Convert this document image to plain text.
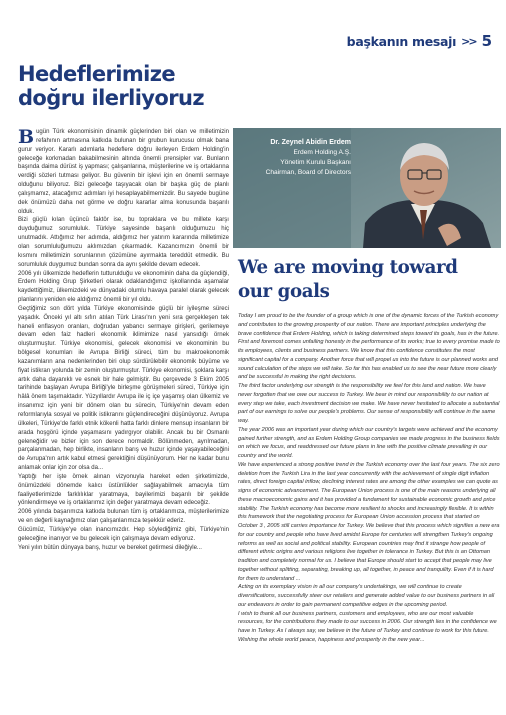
başkanın mesajı >> 5
Hedeflerimize doğru ilerliyoruz

Bugün Türk ekonomisinin dinamik güçlerinden biri olan ve milletimizin refahının artmasına katkıda bulunan bir grubun kurucusu olmak bana gurur veriyor. Kararlı adımlarla hedeflere doğru ilerleyen Erdem Holding'in geleceğe korkmadan bakabilmesinin altında önemli prensipler var. Bunların başında daima dürüst iş yapması; çalışanlarına, müşterilerine ve iş ortaklarına verdiği sözleri tutması geliyor. Bu güvenin bir işlevi için en önemli sermaye olduğunu biliyoruz. Bizi geleceğe taşıyacak olan bir başka güç de planlı çalışmamız, atacağımız adımları iyi hesaplayabilmemizdir. Bu sayede bugüne dek önümüzü daha net görme ve doğru kararlar alma konusunda başarılı olduk.

Bizi güçlü kılan üçüncü faktör ise, bu topraklara ve bu millete karşı duyduğumuz sorumluluk. Türkiye sayesinde başarılı olduğumuzu hiç unutmadık. Attığımız her adımda, aldığımız her yatırım kararında milletimize olan sorumluluğumuzu aklımızdan çıkarmadık. Kazancımızın önemli bir kısmını milletimizin sorunlarının çözümüne ayırmakta tereddüt etmedik. Bu sorumluluk duygumuz bundan sonra da aynı şekilde devam edecek.

2006 yılı ülkemizde hedeflerin tutturulduğu ve ekonominin daha da güçlendiği, Erdem Holding Grup Şirketleri olarak odaklandığımız işkollarında aşamalar kaydettiğimiz, ülkemizdeki ve dünyadaki olumlu havaya paralel olarak gelecek planlarını yeniden ele aldığımız önemli bir yıl oldu.

Geçtiğimiz son dört yılda Türkiye ekonomisinde güçlü bir iyileşme süreci yaşadık. Önceki yıl altı sıfırı atılan Türk Lirası'nın yeni sıra gerçekleşen tek haneli enflasyon oranları, doğrudan yabancı sermaye girişleri, gerilemeye devam eden faiz hadleri ekonomik iklimimize nasıl yansıdığı örnek oluşturmuştur. Türkiye ekonomisi, gelecek ekonomisi ve ekonominin bu bölgesel konumları ile Avrupa Birliği süreci, tüm bu makroekonomik kazanımların ana nedenlerinden biri olup sürdürülebilir ekonomik büyüme ve fiyat istikrarı yolunda bir zemin oluşturmuştur. Türkiye ekonomisi, şoklara karşı artık daha dayanıklı ve esnek bir hale gelmiştir. Bu çerçevede 3 Ekim 2005 tarihinde başlayan Avrupa Birliği'yle birleşme görüşmeleri süreci, Türkiye için hâlâ önem taşımaktadır. Yüzyıllardır Avrupa ile iç içe yaşamış olan ülkemiz ve insanımız için yeni bir dönem olan bu sürecin, Türkiye'nin devam eden reformlarıyla sosyal ve politik istikrarını güçlendireceğini düşünüyoruz. Avrupa ülkeleri, Türkiye'de farklı etnik kökenli hatta farklı dinlere mensup insanların bir arada hoşgörü içinde yaşamasını yadırgıyor olabilir. Ancak bu bir Osmanlı geleneğidir ve bizler için son derece normaldir. Bölünmeden, ayrılmadan, parçalanmadan, hep birlikte, insanların barış ve huzur içinde yaşayabileceğini de Avrupa'nın artık kabul etmesi gerektiğini düşünüyorum. Her ne kadar bunu anlamak onlar için zor olsa da...

Yaptığı her işte örnek alınan vizyonuyla hareket eden şirketimizde, önümüzdeki dönemde kalıcı üstünlükler sağlayabilmek amacıyla tüm faaliyetlerimizde farklılıklar yaratmaya, bayilerimizi başarılı bir şekilde yönlendirmeye ve iş ortaklarımız için değer yaratmaya devam edeceğiz.

2006 yılında başarımıza katkıda bulunan tüm iş ortaklarımıza, müşterilerimize ve en değerli kaynağımız olan çalışanlarımıza teşekkür ederiz.

Gücümüz, Türkiye'ye olan inancımızdır. Hep söylediğimiz gibi, Türkiye'nin geleceğine inanıyor ve bu gelecek için çalışmaya devam ediyoruz.

Yeni yılın bütün dünyaya barış, huzur ve bereket getirmesi dileğiyle...

Dr. Zeynel Abidin Erdem
Erdem Holding A.Ş.
Yönetim Kurulu Başkanı
Chairman, Board of Directors
We are moving toward our goals

Today I am proud to be the founder of a group which is one of the dynamic forces of the Turkish economy and contributes to the growing prosperity of our nation. There are important principles underlying the brave confidence that Erdem Holding, which is taking determined steps toward its goals, has in the future. First and foremost comes unfailing honesty in the performance of its works; true to every promise made to its employees, clients and business partners. We know that this confidence constitutes the most significant capital for a company. Another force that will propel us into the future is our planned works and sound calculation of the steps we will take. So far this has enabled us to see the near future more clearly and be successful in making the right decisions.

The third factor underlying our strength is the responsibility we feel for this land and nation. We have never forgotten that we owe our success to Turkey. We bear in mind our responsibility to our nation at every step we take, each investment decision we make. We have never hesitated to allocate a substantial part of our earnings to solve our people's problems. Our sense of responsibility will continue in the same way.

The year 2006 was an important year during which our country's targets were achieved and the economy gained further strength, and as Erdem Holding Group companies we made progress in the business fields on which we focus, and readdressed our future plans in line with the positive climate prevailing in our country and the world.

We have experienced a strong positive trend in the Turkish economy over the last four years. The six zero deletion from the Turkish Lira in the last year concurrently with the achievement of single digit inflation rates, direct foreign capital inflow, declining interest rates are among the other examples we can quote as signs of economic advancement. The European Union process is one of the main reasons underlying all these macroeconomic gains and it has provided a fundament for sustainable economic growth and price stability. The Turkish economy has become more resilient to shocks and increasingly flexible. It is within this framework that the negotiating process for European Union accession process that started on October 3 , 2005 still carries importance for Turkey. We believe that this process which signifies a new era for our country and people who have lived amidst Europe for centuries will strengthen Turkey's ongoing reforms as well as social and political stability. European countries may find it strange how people of different ethnic origins and various religions live together in tolerance in Turkey. But this is an Ottoman tradition and completely normal for us. I believe that Europe should start to accept that people may live together without splitting, separating, breaking up, all together, in peace and tranquility. Even if it is hard for them to understand ...

Acting on its exemplary vision in all our company's undertakings, we will continue to create diversifications, successfully steer our retailers and generate added value to our business partners in all our endeavors in order to gain permanent competitive edges in the upcoming period.

I wish to thank all our business partners, customers and employees, who are our most valuable resources, for the contributions they made to our success in 2006. Our strength lies in the confidence we have in Turkey. As I always say, we believe in the future of Turkey and continue to work for this future.

Wishing the whole world peace, happiness and prosperity in the new year...
